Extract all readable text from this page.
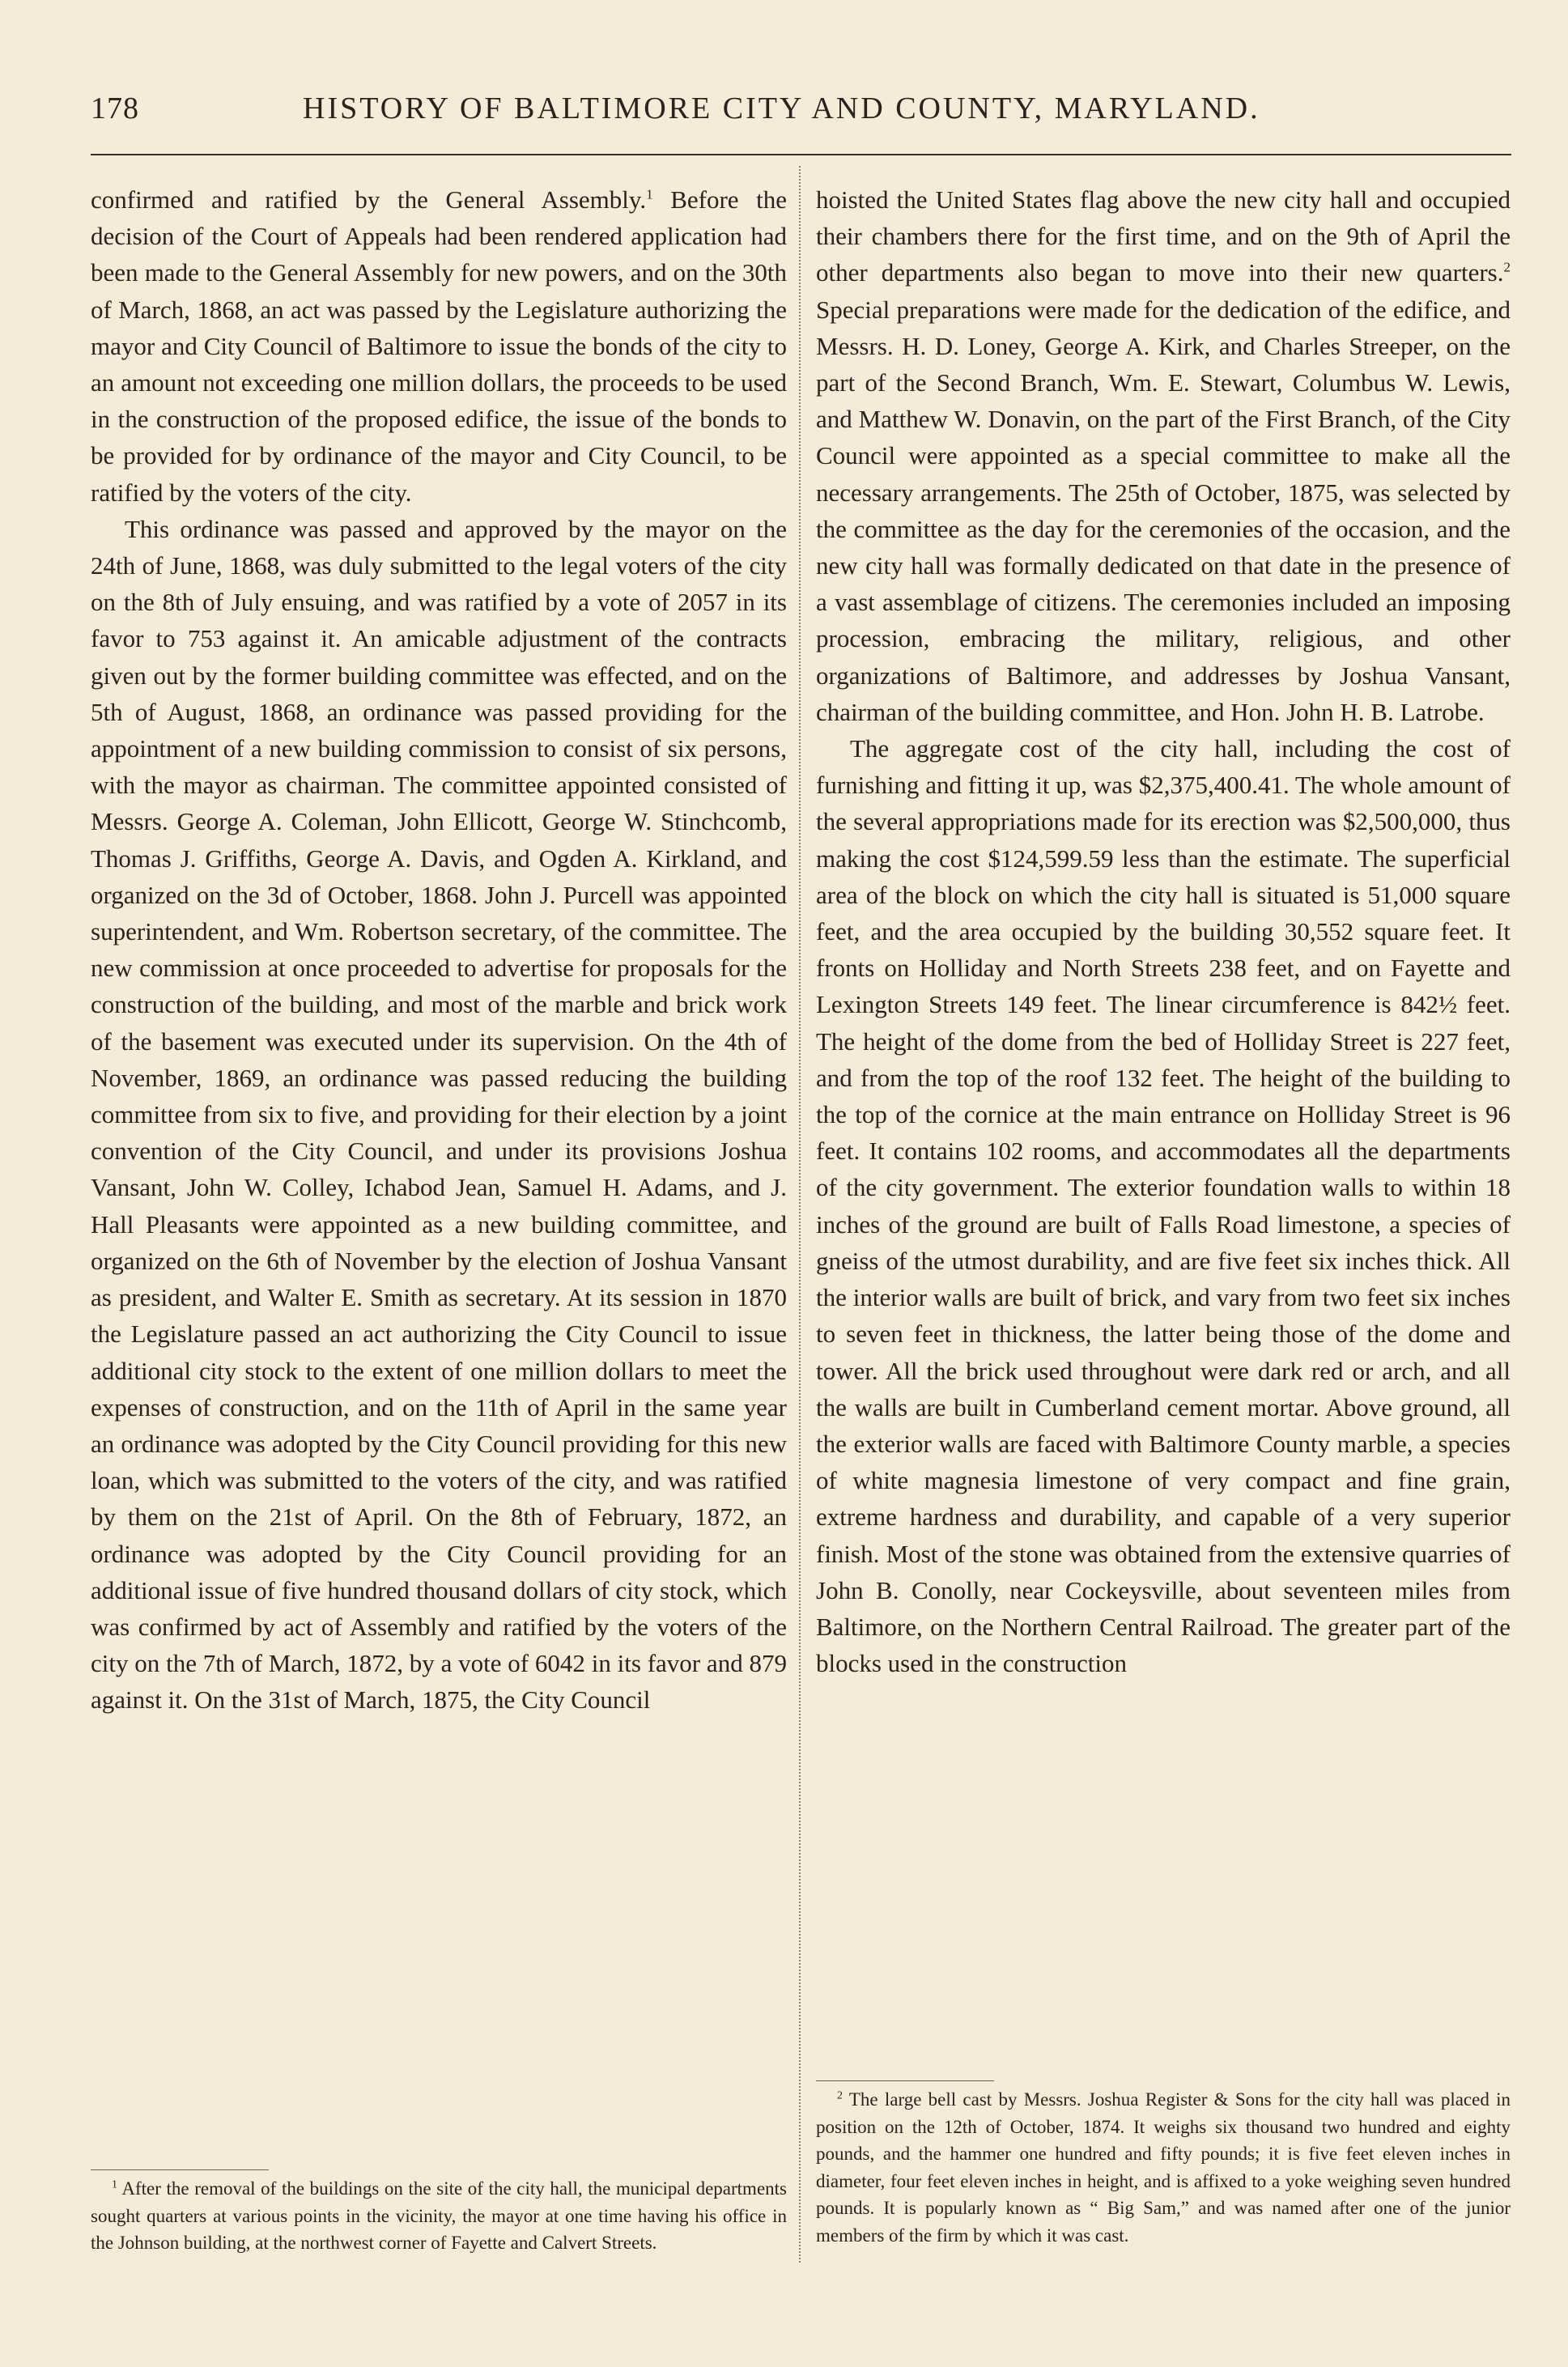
178	HISTORY OF BALTIMORE CITY AND COUNTY, MARYLAND.

confirmed and ratified by the General Assembly.$^1$ Before the decision of the Court of Appeals had been rendered application had been made to the General Assembly for new powers, and on the 30th of March, 1868, an act was passed by the Legislature authorizing the mayor and City Council of Baltimore to issue the bonds of the city to an amount not exceeding one million dollars, the proceeds to be used in the construction of the proposed edifice, the issue of the bonds to be provided for by ordinance of the mayor and City Council, to be ratified by the voters of the city.

This ordinance was passed and approved by the mayor on the 24th of June, 1868, was duly submitted to the legal voters of the city on the 8th of July ensuing, and was ratified by a vote of 2057 in its favor to 753 against it. An amicable adjustment of the contracts given out by the former building committee was effected, and on the 5th of August, 1868, an ordinance was passed providing for the appointment of a new building commission to consist of six persons, with the mayor as chairman. The committee appointed consisted of Messrs. George A. Coleman, John Ellicott, George W. Stinchcomb, Thomas J. Griffiths, George A. Davis, and Ogden A. Kirkland, and organized on the 3d of October, 1868. John J. Purcell was appointed superintendent, and Wm. Robertson secretary, of the committee. The new commission at once proceeded to advertise for proposals for the construction of the building, and most of the marble and brick work of the basement was executed under its supervision. On the 4th of November, 1869, an ordinance was passed reducing the building committee from six to five, and providing for their election by a joint convention of the City Council, and under its provisions Joshua Vansant, John W. Colley, Ichabod Jean, Samuel H. Adams, and J. Hall Pleasants were appointed as a new building committee, and organized on the 6th of November by the election of Joshua Vansant as president, and Walter E. Smith as secretary. At its session in 1870 the Legislature passed an act authorizing the City Council to issue additional city stock to the extent of one million dollars to meet the expenses of construction, and on the 11th of April in the same year an ordinance was adopted by the City Council providing for this new loan, which was submitted to the voters of the city, and was ratified by them on the 21st of April. On the 8th of February, 1872, an ordinance was adopted by the City Council providing for an additional issue of five hundred thousand dollars of city stock, which was confirmed by act of Assembly and ratified by the voters of the city on the 7th of March, 1872, by a vote of 6042 in its favor and 879 against it. On the 31st of March, 1875, the City Council

hoisted the United States flag above the new city hall and occupied their chambers there for the first time, and on the 9th of April the other departments also began to move into their new quarters.$^2$ Special preparations were made for the dedication of the edifice, and Messrs. H. D. Loney, George A. Kirk, and Charles Streeper, on the part of the Second Branch, Wm. E. Stewart, Columbus W. Lewis, and Matthew W. Donavin, on the part of the First Branch, of the City Council were appointed as a special committee to make all the necessary arrangements. The 25th of October, 1875, was selected by the committee as the day for the ceremonies of the occasion, and the new city hall was formally dedicated on that date in the presence of a vast assemblage of citizens. The ceremonies included an imposing procession, embracing the military, religious, and other organizations of Baltimore, and addresses by Joshua Vansant, chairman of the building committee, and Hon. John H. B. Latrobe.

The aggregate cost of the city hall, including the cost of furnishing and fitting it up, was $2,375,400.41. The whole amount of the several appropriations made for its erection was $2,500,000, thus making the cost $124,599.59 less than the estimate. The superficial area of the block on which the city hall is situated is 51,000 square feet, and the area occupied by the building 30,552 square feet. It fronts on Holliday and North Streets 238 feet, and on Fayette and Lexington Streets 149 feet. The linear circumference is 842½ feet. The height of the dome from the bed of Holliday Street is 227 feet, and from the top of the roof 132 feet. The height of the building to the top of the cornice at the main entrance on Holliday Street is 96 feet. It contains 102 rooms, and accommodates all the departments of the city government. The exterior foundation walls to within 18 inches of the ground are built of Falls Road limestone, a species of gneiss of the utmost durability, and are five feet six inches thick. All the interior walls are built of brick, and vary from two feet six inches to seven feet in thickness, the latter being those of the dome and tower. All the brick used throughout were dark red or arch, and all the walls are built in Cumberland cement mortar. Above ground, all the exterior walls are faced with Baltimore County marble, a species of white magnesia limestone of very compact and fine grain, extreme hardness and durability, and capable of a very superior finish. Most of the stone was obtained from the extensive quarries of John B. Conolly, near Cockeysville, about seventeen miles from Baltimore, on the Northern Central Railroad. The greater part of the blocks used in the construction

$^1$ After the removal of the buildings on the site of the city hall, the municipal departments sought quarters at various points in the vicinity, the mayor at one time having his office in the Johnson building, at the northwest corner of Fayette and Calvert Streets.

$^2$ The large bell cast by Messrs. Joshua Register & Sons for the city hall was placed in position on the 12th of October, 1874. It weighs six thousand two hundred and eighty pounds, and the hammer one hundred and fifty pounds; it is five feet eleven inches in diameter, four feet eleven inches in height, and is affixed to a yoke weighing seven hundred pounds. It is popularly known as “ Big Sam,” and was named after one of the junior members of the firm by which it was cast.
